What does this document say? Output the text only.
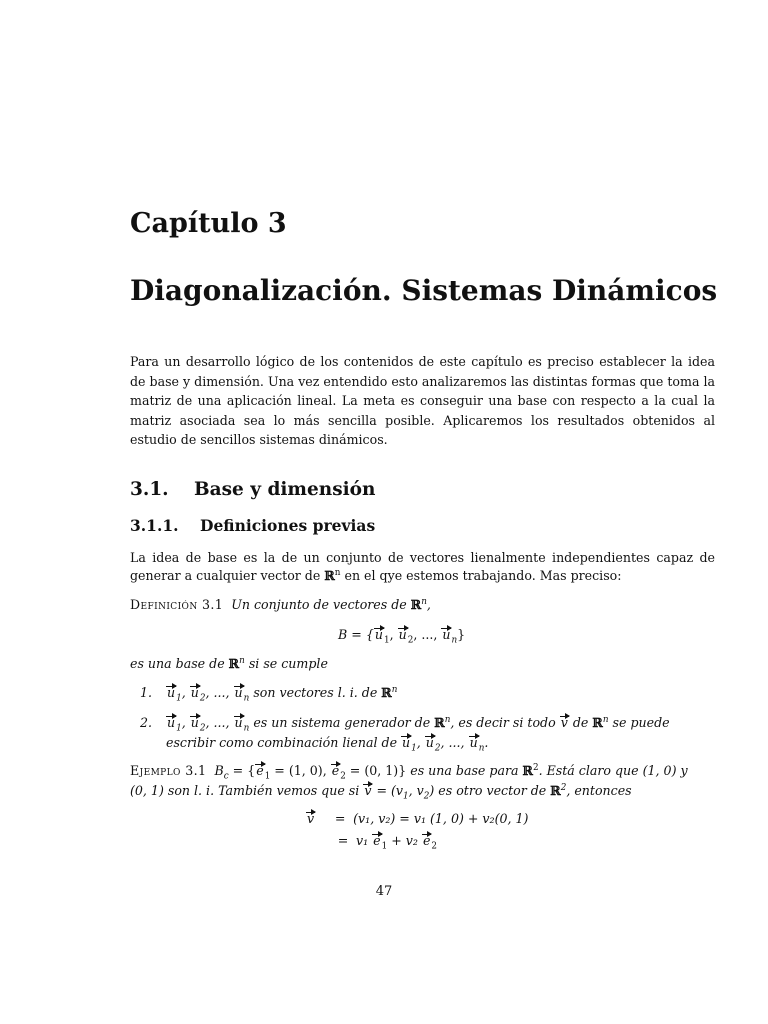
Capítulo 3
Diagonalización. Sistemas Dinámicos

Para un desarrollo lógico de los contenidos de este capítulo es preciso establecer la idea de base y dimensión. Una vez entendido esto analizaremos las distintas formas que toma la matriz de una aplicación lineal. La meta es conseguir una base con respecto a la cual la matriz asociada sea lo más sencilla posible. Aplicaremos los resultados obtenidos al estudio de sencillos sistemas dinámicos.

3.1. Base y dimensión
3.1.1. Definiciones previas
La idea de base es la de un conjunto de vectores lienalmente independientes capaz de
generar a cualquier vector de ℝ$^n$ en el qye estemos trabajando. Mas preciso:
Definición 3.1 Un conjunto de vectores de ℝ$^n$,
$B = \{u_1$, $u_2$, ..., $u_n$}
es una base de ℝ$^n$ si se cumple
1. $u_1$, $u_2$, ..., $u_n$ son vectores l. i. de ℝ$^n$
2. $u_1$, $u_2$, ..., $u_n$ es un sistema generador de ℝ$^n$, es decir si todo v de ℝ$^n$ se puede
escribir como combinación lienal de $u_1$, $u_2$, ..., $u_n$.
Ejemplo 3.1 $B_c = \{e_1 = (1$, 0), $e_2 = (0$, 1)} es una base para ℝ$^2$. Está claro que (1, 0) y
(0, 1) son l. i. También vemos que si $v = (v_1$, $v_2$) es otro vector de ℝ$^2$, entonces
v = (v₁, v₂) = v₁ (1, 0) + v₂(0, 1)
= v₁ $e_1 + v_2$ $e_2$
47
